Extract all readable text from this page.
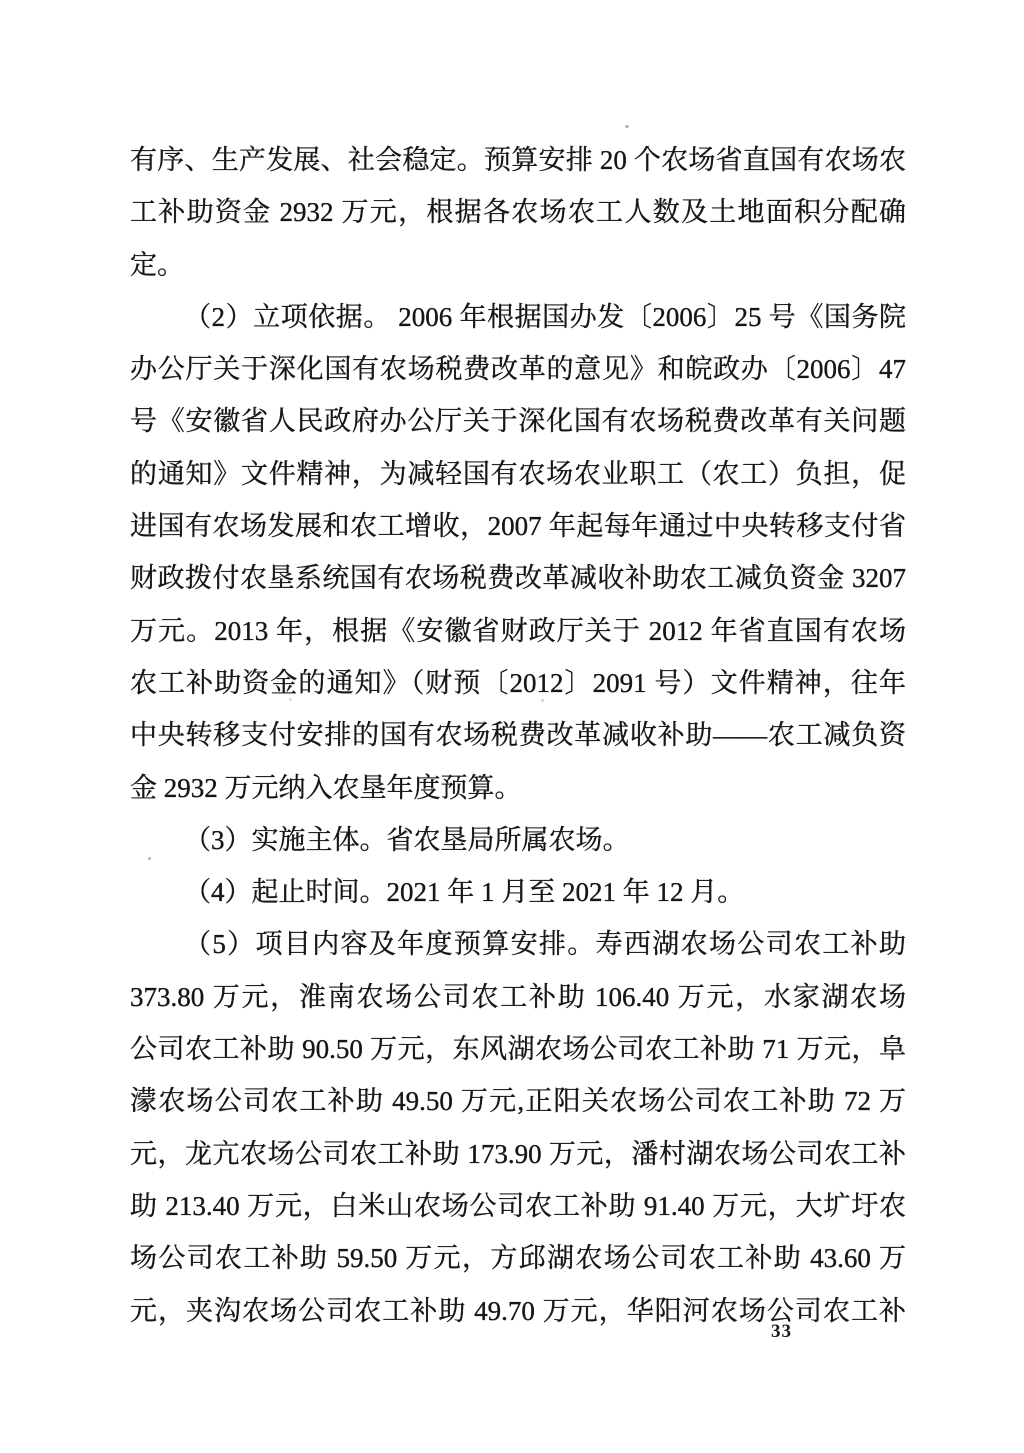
有序、生产发展、社会稳定。预算安排 20 个农场省直国有农场农
工补助资金 2932 万元，根据各农场农工人数及土地面积分配确
定。
（2）立项依据。 2006 年根据国办发〔2006〕25 号《国务院
办公厅关于深化国有农场税费改革的意见》和皖政办〔2006〕47
号《安徽省人民政府办公厅关于深化国有农场税费改革有关问题
的通知》文件精神，为减轻国有农场农业职工（农工）负担，促
进国有农场发展和农工增收，2007 年起每年通过中央转移支付省
财政拨付农垦系统国有农场税费改革减收补助农工减负资金 3207
万元。2013 年，根据《安徽省财政厅关于 2012 年省直国有农场
农工补助资金的通知》（财预〔2012〕2091 号）文件精神，往年
中央转移支付安排的国有农场税费改革减收补助——农工减负资
金 2932 万元纳入农垦年度预算。
（3）实施主体。省农垦局所属农场。
（4）起止时间。2021 年 1 月至 2021 年 12 月。
（5）项目内容及年度预算安排。寿西湖农场公司农工补助
373.80 万元，淮南农场公司农工补助 106.40 万元，水家湖农场
公司农工补助 90.50 万元，东风湖农场公司农工补助 71 万元，阜
濛农场公司农工补助 49.50 万元,正阳关农场公司农工补助 72 万
元，龙亢农场公司农工补助 173.90 万元，潘村湖农场公司农工补
助 213.40 万元，白米山农场公司农工补助 91.40 万元，大圹圩农
场公司农工补助 59.50 万元，方邱湖农场公司农工补助 43.60 万
元，夹沟农场公司农工补助 49.70 万元，华阳河农场公司农工补
33
